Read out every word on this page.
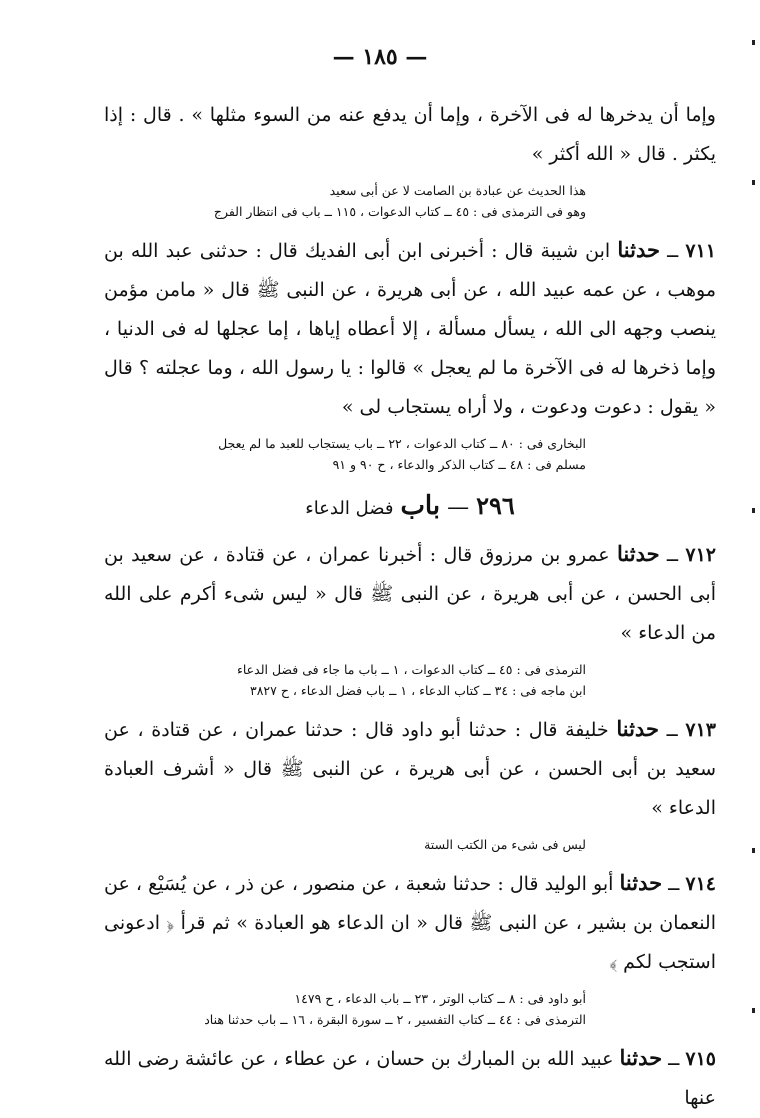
— ١٨٥ —

وإما أن يدخرها له فى الآخرة ، وإما أن يدفع عنه من السوء مثلها » . قال : إذا يكثر . قال « الله أكثر »

هذا الحديث عن عبادة بن الصامت لا عن أبى سعيد
وهو فى الترمذى فى : ٤٥ ــ كتاب الدعوات ، ١١٥ ــ باب فى انتظار الفرج

٧١١ ــ حدثنا ابن شيبة قال : أخبرنى ابن أبى الفديك قال : حدثنى عبد الله بن موهب ، عن عمه عبيد الله ، عن أبى هريرة ، عن النبى ﷺ قال « مامن مؤمن ينصب وجهه الى الله ، يسأل مسألة ، إلا أعطاه إياها ، إما عجلها له فى الدنيا ، وإما ذخرها له فى الآخرة ما لم يعجل » قالوا : يا رسول الله ، وما عجلته ؟ قال « يقول : دعوت ودعوت ، ولا أراه يستجاب لى »

البخارى فى : ٨٠ ــ كتاب الدعوات ، ٢٢ ــ باب يستجاب للعبد ما لم يعجل
مسلم فى : ٤٨ ــ كتاب الذكر والدعاء ، ح ٩٠ و ٩١
٢٩٦ — باب فضل الدعاء

٧١٢ ــ حدثنا عمرو بن مرزوق قال : أخبرنا عمران ، عن قتادة ، عن سعيد بن أبى الحسن ، عن أبى هريرة ، عن النبى ﷺ قال « ليس شىء أكرم على الله من الدعاء »

الترمذى فى : ٤٥ ــ كتاب الدعوات ، ١ ــ باب ما جاء فى فضل الدعاء
ابن ماجه فى : ٣٤ ــ كتاب الدعاء ، ١ ــ باب فضل الدعاء ، ح ٣٨٢٧

٧١٣ ــ حدثنا خليفة قال : حدثنا أبو داود قال : حدثنا عمران ، عن قتادة ، عن سعيد بن أبى الحسن ، عن أبى هريرة ، عن النبى ﷺ قال « أشرف العبادة الدعاء »

ليس فى شىء من الكتب الستة

٧١٤ ــ حدثنا أبو الوليد قال : حدثنا شعبة ، عن منصور ، عن ذر ، عن يُسَيْع ، عن النعمان بن بشير ، عن النبى ﷺ قال « ان الدعاء هو العبادة » ثم قرأ ﴿ ادعونى استجب لكم ﴾

أبو داود فى : ٨ ــ كتاب الوتر ، ٢٣ ــ باب الدعاء ، ح ١٤٧٩
الترمذى فى : ٤٤ ــ كتاب التفسير ، ٢ ــ سورة البقرة ، ١٦ ــ باب حدثنا هناد

٧١٥ ــ حدثنا عبيد الله بن المبارك بن حسان ، عن عطاء ، عن عائشة رضى الله عنها
